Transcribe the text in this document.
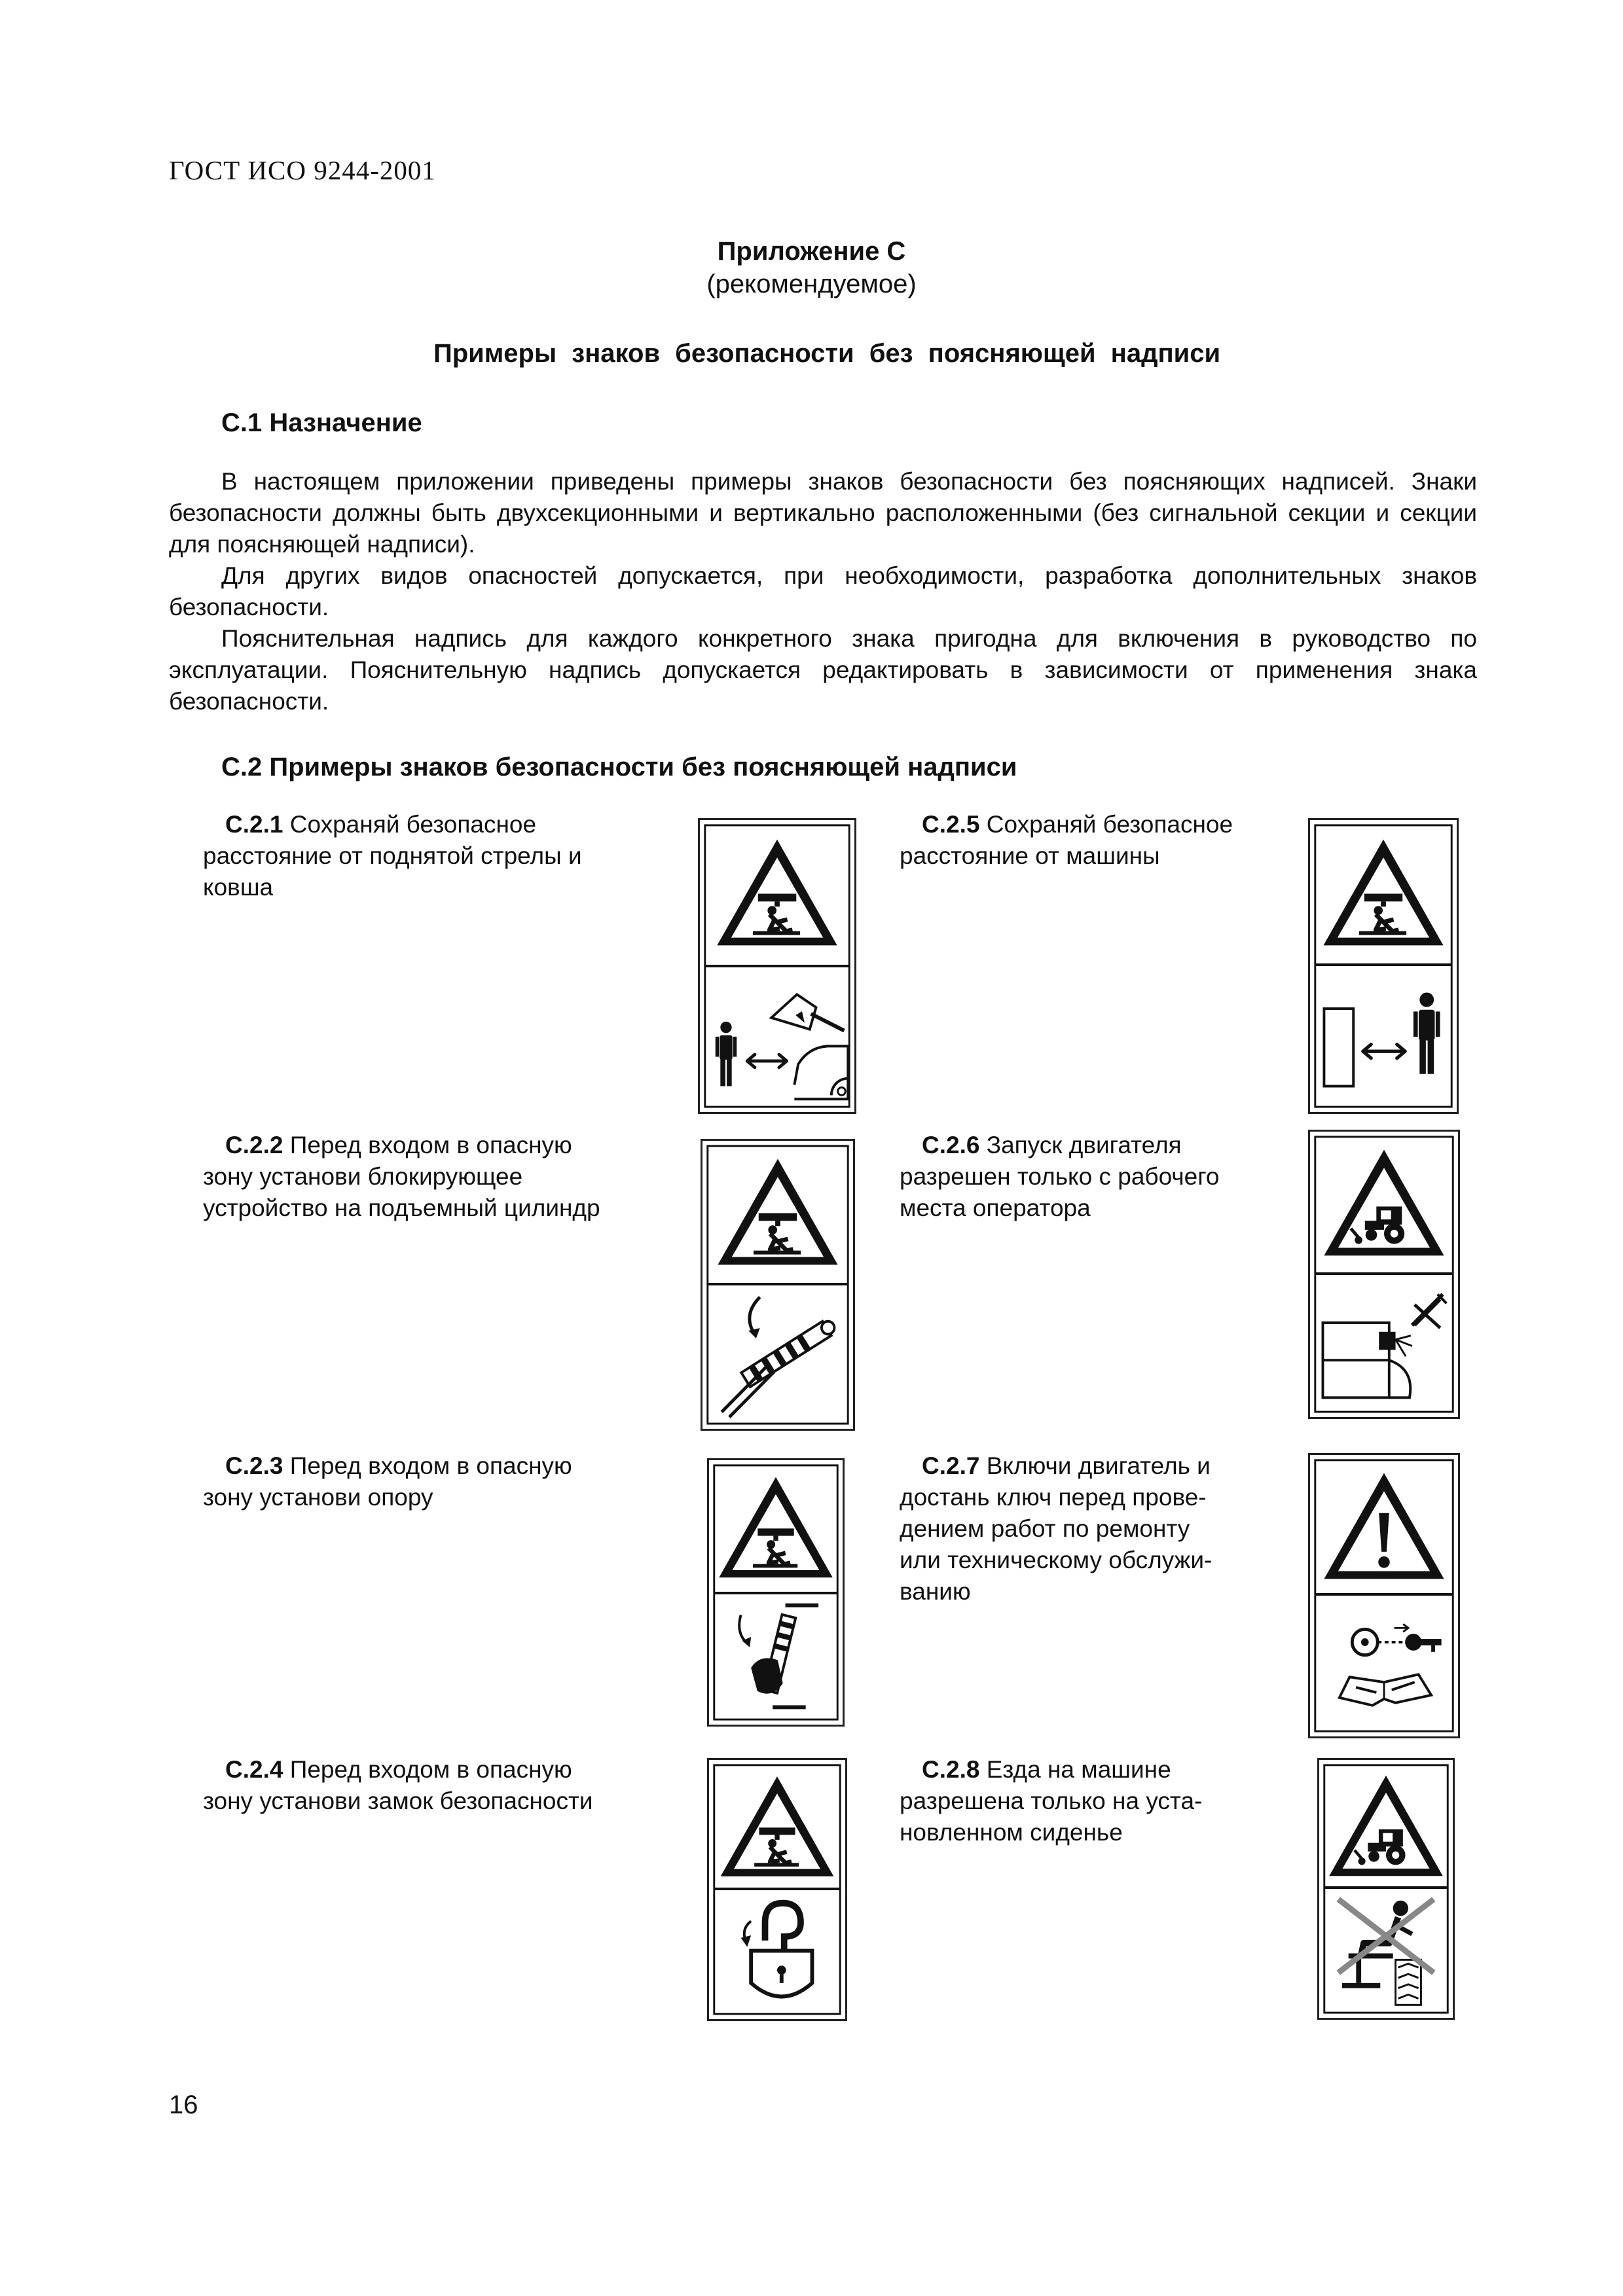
ГОСТ ИСО 9244-2001
Приложение С
(рекомендуемое)
Примеры знаков безопасности без поясняющей надписи
С.1 Назначение

В настоящем приложении приведены примеры знаков безопасности без поясняющих надписей. Знаки безопасности должны быть двухсекционными и вертикально расположенными (без сигнальной секции и секции для поясняющей надписи).

Для других видов опасностей допускается, при необходимости, разработка дополнительных знаков безопасности.

Пояснительная надпись для каждого конкретного знака пригодна для включения в руководство по эксплуатации. Пояснительную надпись допускается редактировать в зависимости от применения знака безопасности.

С.2 Примеры знаков безопасности без поясняющей надписи
С.2.1 Сохраняй безопасное
расстояние от поднятой стрелы и
ковша
С.2.2 Перед входом в опасную
зону установи блокирующее
устройство на подъемный цилиндр
С.2.3 Перед входом в опасную
зону установи опору
С.2.4 Перед входом в опасную
зону установи замок безопасности
С.2.5 Сохраняй безопасное
расстояние от машины
С.2.6 Запуск двигателя
разрешен только с рабочего
места оператора
С.2.7 Включи двигатель и
достань ключ перед прове-
дением работ по ремонту
или техническому обслужи-
ванию
С.2.8 Езда на машине
разрешена только на уста-
новленном сиденье
16
